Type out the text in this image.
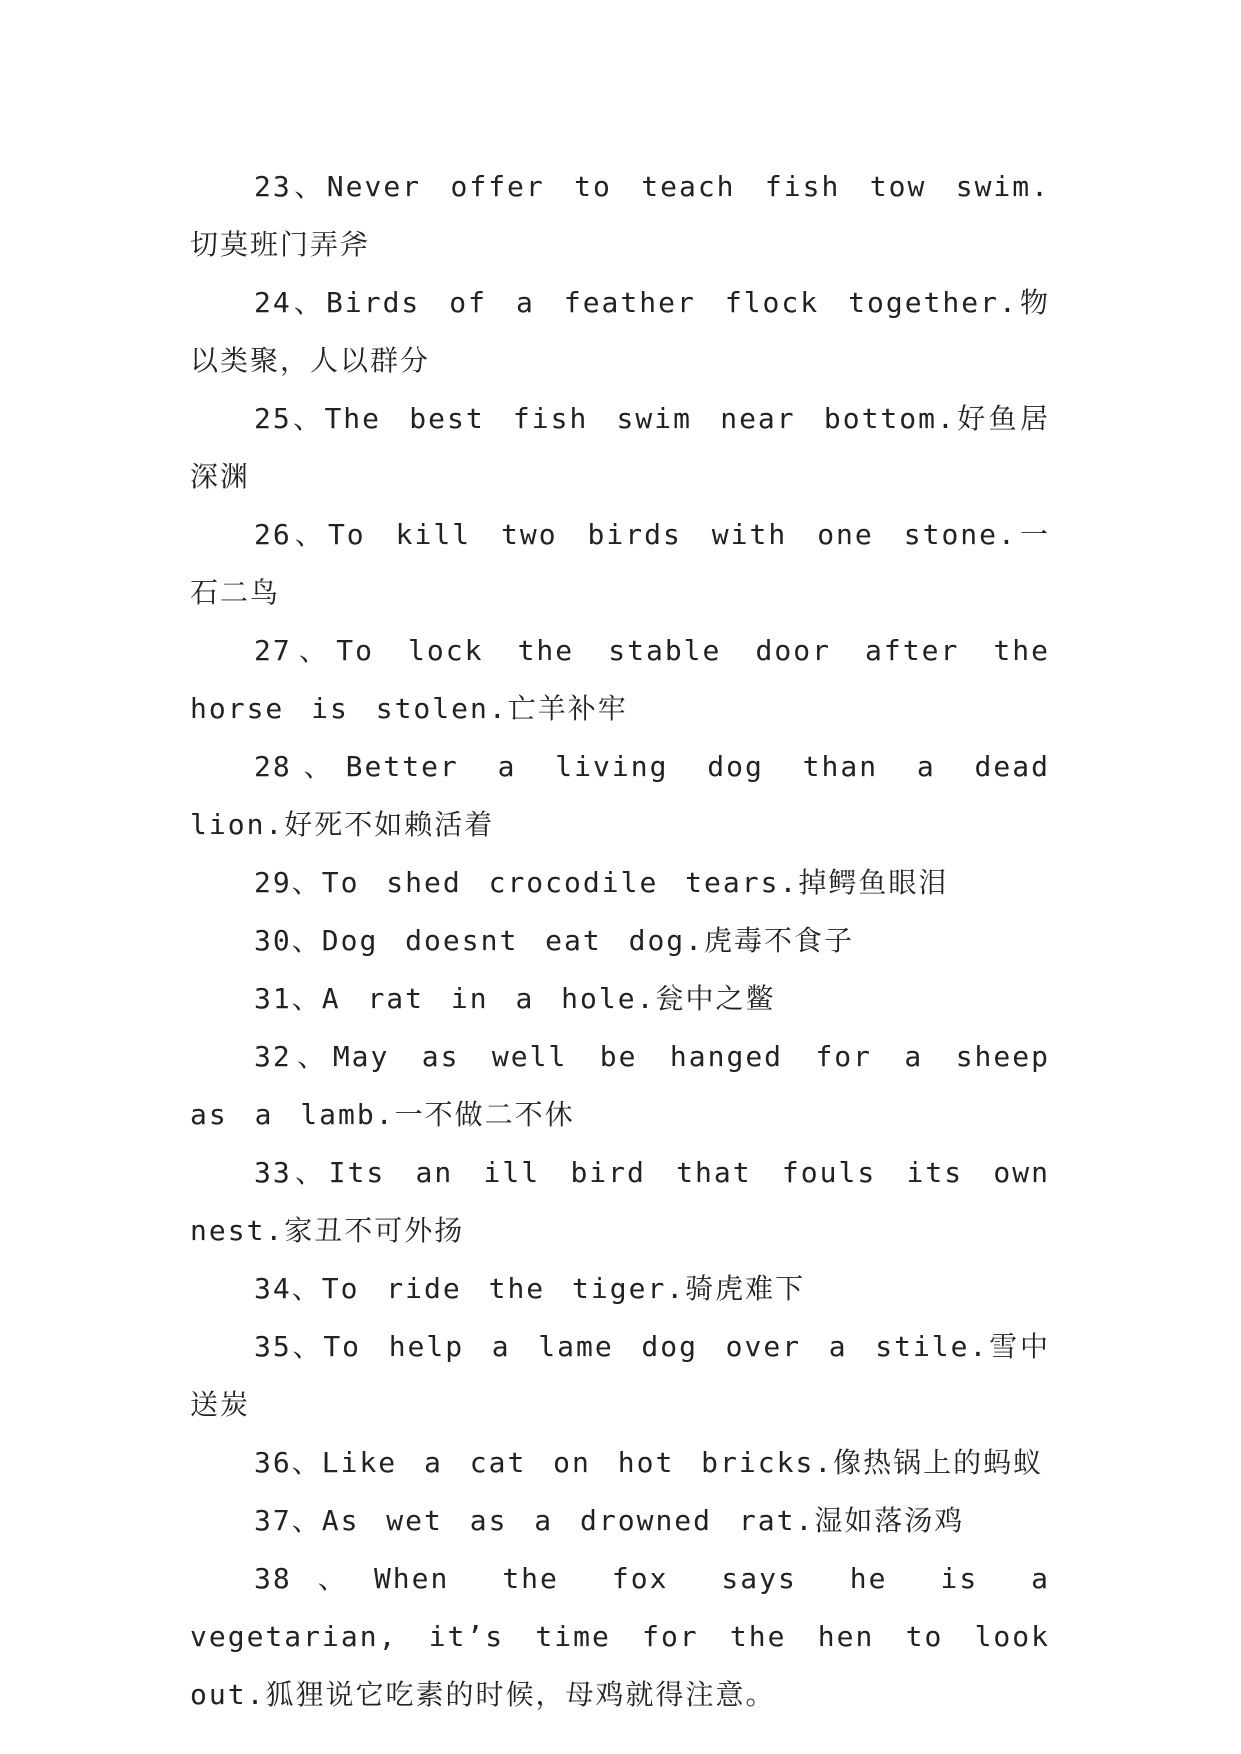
23、Never offer to teach fish tow swim.切莫班门弄斧

24、Birds of a feather flock together.物以类聚，人以群分

25、The best fish swim near bottom.好鱼居深渊

26、To kill two birds with one stone.一石二鸟

27、To lock the stable door after the horse is stolen.亡羊补牢

28、Better a living dog than a dead lion.好死不如赖活着

29、To shed crocodile tears.掉鳄鱼眼泪

30、Dog doesnt eat dog.虎毒不食子

31、A rat in a hole.瓮中之鳖

32、May as well be hanged for a sheep as a lamb.一不做二不休

33、Its an ill bird that fouls its own nest.家丑不可外扬

34、To ride the tiger.骑虎难下

35、To help a lame dog over a stile.雪中送炭

36、Like a cat on hot bricks.像热锅上的蚂蚁

37、As wet as a drowned rat.湿如落汤鸡

38、When the fox says he is a vegetarian, it’s time for the hen to look out.狐狸说它吃素的时候，母鸡就得注意。
